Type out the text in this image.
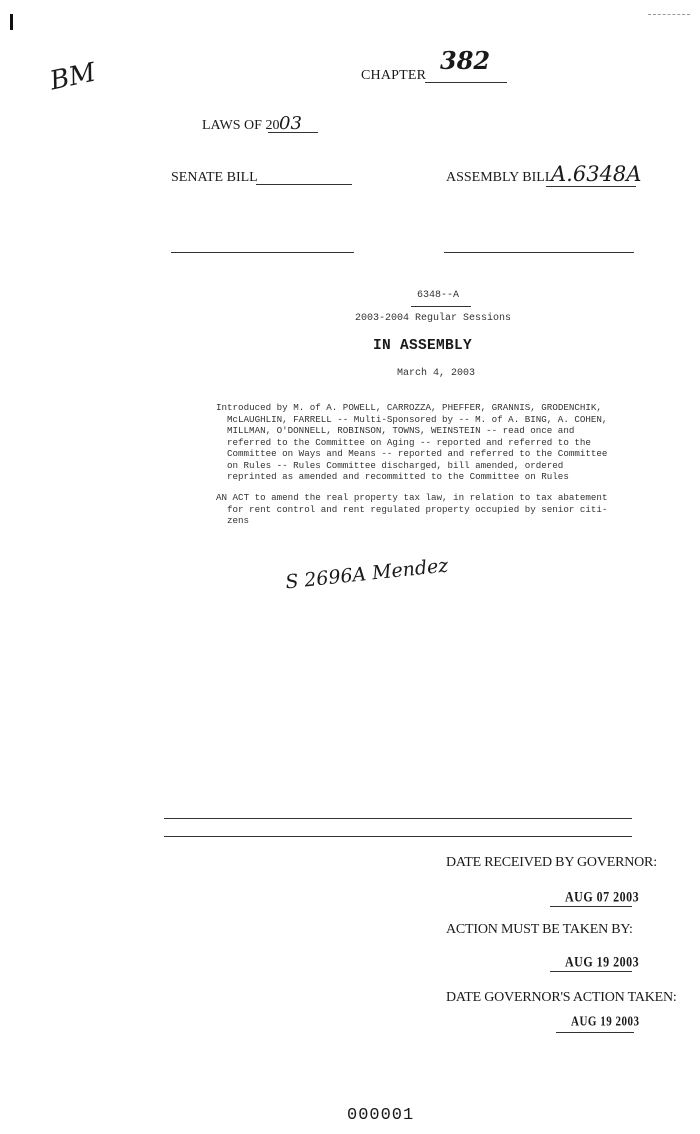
BM	CHAPTER
382
LAWS OF 20 03
SENATE BILL	ASSEMBLY BILL
A.6348A
6348--A
2003-2004 Regular Sessions
IN ASSEMBLY
March 4, 2003
Introduced by M. of A. POWELL, CARROZZA, PHEFFER, GRANNIS, GRODENCHIK,
McLAUGHLIN, FARRELL -- Multi-Sponsored by -- M. of A. BING, A. COHEN,
MILLMAN, O'DONNELL, ROBINSON, TOWNS, WEINSTEIN -- read once and
referred to the Committee on Aging -- reported and referred to the
Committee on Ways and Means -- reported and referred to the Committee
on Rules -- Rules Committee discharged, bill amended, ordered
reprinted as amended and recommitted to the Committee on Rules
AN ACT to amend the real property tax law, in relation to tax abatement
for rent control and rent regulated property occupied by senior citi-
zens
S 2696A Mendez
DATE RECEIVED BY GOVERNOR:
AUG 07 2003
ACTION MUST BE TAKEN BY:
AUG 19 2003
DATE GOVERNOR'S ACTION TAKEN:
AUG 19 2003
000001
